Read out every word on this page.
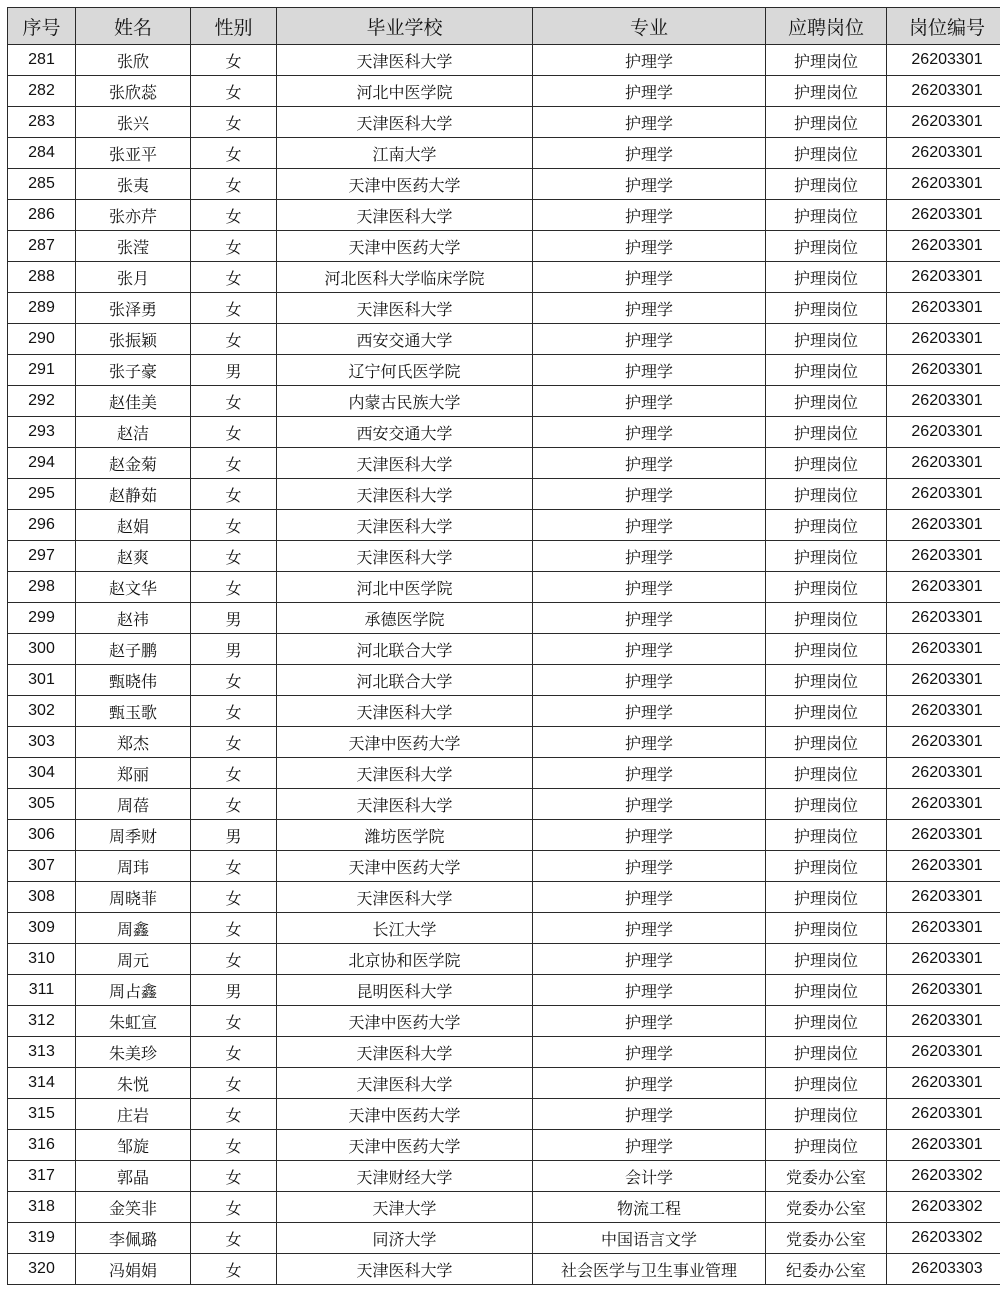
序号	姓名	性别	毕业学校	专业	应聘岗位	岗位编号
281	张欣	女	天津医科大学	护理学	护理岗位	26203301
282	张欣蕊	女	河北中医学院	护理学	护理岗位	26203301
283	张兴	女	天津医科大学	护理学	护理岗位	26203301
284	张亚平	女	江南大学	护理学	护理岗位	26203301
285	张夷	女	天津中医药大学	护理学	护理岗位	26203301
286	张亦芹	女	天津医科大学	护理学	护理岗位	26203301
287	张滢	女	天津中医药大学	护理学	护理岗位	26203301
288	张月	女	河北医科大学临床学院	护理学	护理岗位	26203301
289	张泽勇	女	天津医科大学	护理学	护理岗位	26203301
290	张振颖	女	西安交通大学	护理学	护理岗位	26203301
291	张子豪	男	辽宁何氏医学院	护理学	护理岗位	26203301
292	赵佳美	女	内蒙古民族大学	护理学	护理岗位	26203301
293	赵洁	女	西安交通大学	护理学	护理岗位	26203301
294	赵金菊	女	天津医科大学	护理学	护理岗位	26203301
295	赵静茹	女	天津医科大学	护理学	护理岗位	26203301
296	赵娟	女	天津医科大学	护理学	护理岗位	26203301
297	赵爽	女	天津医科大学	护理学	护理岗位	26203301
298	赵文华	女	河北中医学院	护理学	护理岗位	26203301
299	赵祎	男	承德医学院	护理学	护理岗位	26203301
300	赵子鹏	男	河北联合大学	护理学	护理岗位	26203301
301	甄晓伟	女	河北联合大学	护理学	护理岗位	26203301
302	甄玉歌	女	天津医科大学	护理学	护理岗位	26203301
303	郑杰	女	天津中医药大学	护理学	护理岗位	26203301
304	郑丽	女	天津医科大学	护理学	护理岗位	26203301
305	周蓓	女	天津医科大学	护理学	护理岗位	26203301
306	周季财	男	潍坊医学院	护理学	护理岗位	26203301
307	周玮	女	天津中医药大学	护理学	护理岗位	26203301
308	周晓菲	女	天津医科大学	护理学	护理岗位	26203301
309	周鑫	女	长江大学	护理学	护理岗位	26203301
310	周元	女	北京协和医学院	护理学	护理岗位	26203301
311	周占鑫	男	昆明医科大学	护理学	护理岗位	26203301
312	朱虹宣	女	天津中医药大学	护理学	护理岗位	26203301
313	朱美珍	女	天津医科大学	护理学	护理岗位	26203301
314	朱悦	女	天津医科大学	护理学	护理岗位	26203301
315	庄岩	女	天津中医药大学	护理学	护理岗位	26203301
316	邹旋	女	天津中医药大学	护理学	护理岗位	26203301
317	郭晶	女	天津财经大学	会计学	党委办公室	26203302
318	金笑非	女	天津大学	物流工程	党委办公室	26203302
319	李佩璐	女	同济大学	中国语言文学	党委办公室	26203302
320	冯娟娟	女	天津医科大学	社会医学与卫生事业管理	纪委办公室	26203303
